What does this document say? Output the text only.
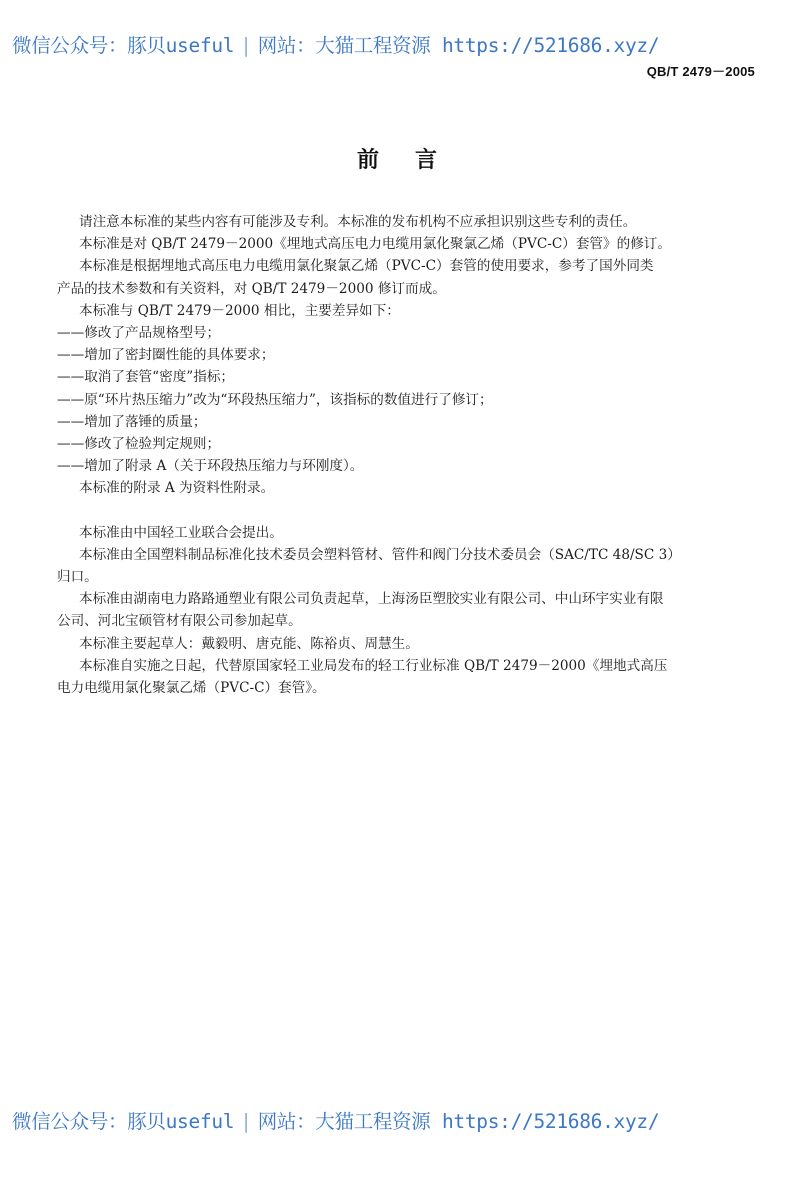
微信公众号：豚贝useful | 网站：大猫工程资源 https://521686.xyz/
QB/T 2479－2005
前言

请注意本标准的某些内容有可能涉及专利。本标准的发布机构不应承担识别这些专利的责任。

本标准是对 QB/T 2479－2000《埋地式高压电力电缆用氯化聚氯乙烯（PVC-C）套管》的修订。

本标准是根据埋地式高压电力电缆用氯化聚氯乙烯（PVC-C）套管的使用要求，参考了国外同类

产品的技术参数和有关资料，对 QB/T 2479－2000 修订而成。

本标准与 QB/T 2479－2000 相比，主要差异如下：

——修改了产品规格型号；

——增加了密封圈性能的具体要求；

——取消了套管“密度”指标；

——原“环片热压缩力”改为“环段热压缩力”，该指标的数值进行了修订；

——增加了落锤的质量；

——修改了检验判定规则；

——增加了附录 A（关于环段热压缩力与环刚度）。

本标准的附录 A 为资料性附录。

本标准由中国轻工业联合会提出。

本标准由全国塑料制品标准化技术委员会塑料管材、管件和阀门分技术委员会（SAC/TC 48/SC 3）

归口。

本标准由湖南电力路路通塑业有限公司负责起草，上海汤臣塑胶实业有限公司、中山环宇实业有限

公司、河北宝硕管材有限公司参加起草。

本标准主要起草人：戴毅明、唐克能、陈裕贞、周慧生。

本标准自实施之日起，代替原国家轻工业局发布的轻工行业标准 QB/T 2479－2000《埋地式高压

电力电缆用氯化聚氯乙烯（PVC-C）套管》。

微信公众号：豚贝useful | 网站：大猫工程资源 https://521686.xyz/
